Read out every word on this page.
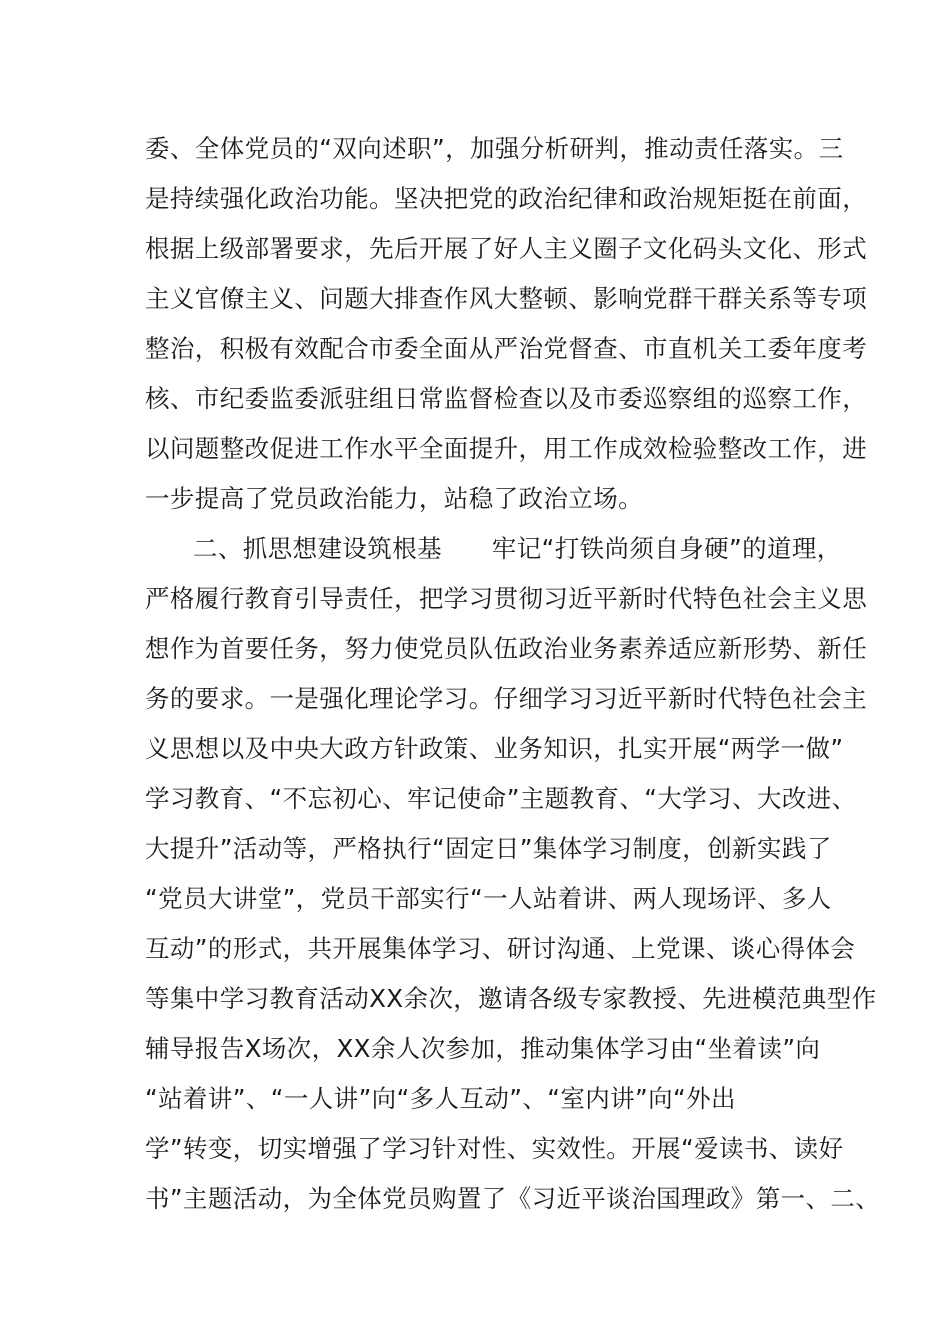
委、全体党员的“双向述职”，加强分析研判，推动责任落实。三
是持续强化政治功能。坚决把党的政治纪律和政治规矩挺在前面，
根据上级部署要求，先后开展了好人主义圈子文化码头文化、形式
主义官僚主义、问题大排查作风大整顿、影响党群干群关系等专项
整治，积极有效配合市委全面从严治党督查、市直机关工委年度考
核、市纪委监委派驻组日常监督检查以及市委巡察组的巡察工作，
以问题整改促进工作水平全面提升，用工作成效检验整改工作，进
一步提高了党员政治能力，站稳了政治立场。
二、抓思想建设筑根基　　牢记“打铁尚须自身硬”的道理，
严格履行教育引导责任，把学习贯彻习近平新时代特色社会主义思
想作为首要任务，努力使党员队伍政治业务素养适应新形势、新任
务的要求。一是强化理论学习。仔细学习习近平新时代特色社会主
义思想以及中央大政方针政策、业务知识，扎实开展“两学一做”
学习教育、“不忘初心、牢记使命”主题教育、“大学习、大改进、
大提升”活动等，严格执行“固定日”集体学习制度，创新实践了
“党员大讲堂”，党员干部实行“一人站着讲、两人现场评、多人
互动”的形式，共开展集体学习、研讨沟通、上党课、谈心得体会
等集中学习教育活动XX余次，邀请各级专家教授、先进模范典型作
辅导报告X场次，XX余人次参加，推动集体学习由“坐着读”向
“站着讲”、“一人讲”向“多人互动”、“室内讲”向“外出
学”转变，切实增强了学习针对性、实效性。开展“爱读书、读好
书”主题活动，为全体党员购置了《习近平谈治国理政》第一、二、
